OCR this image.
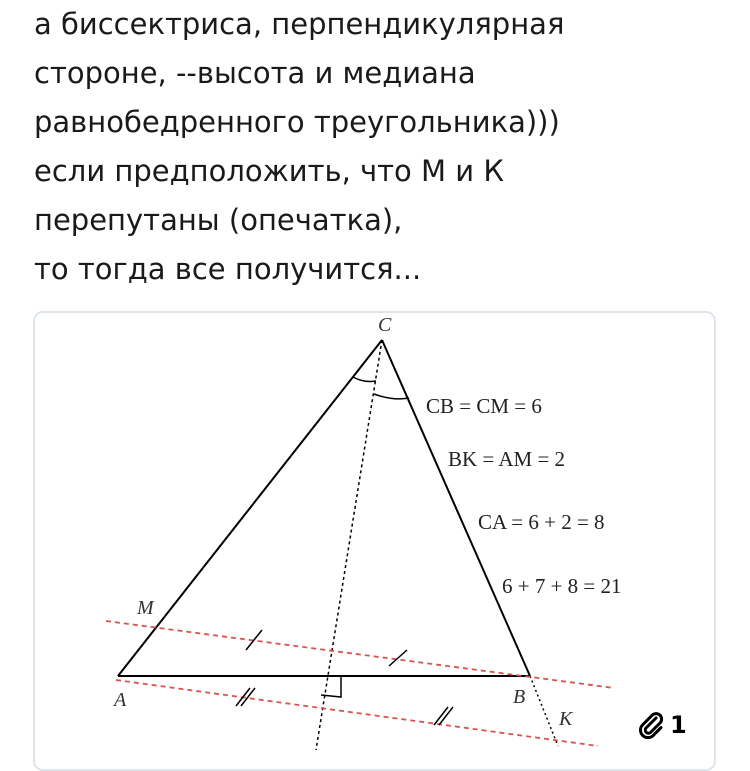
а биссектриса, перпендикулярная
стороне, --высота и медиана
равнобедренного треугольника)))
если предположить, что М и К
перепутаны (опечатка),
то тогда все получится...
C
M
A	B
K
CB = CM = 6
BK = AM = 2
CA = 6 + 2 = 8
6 + 7 + 8 = 21
1
